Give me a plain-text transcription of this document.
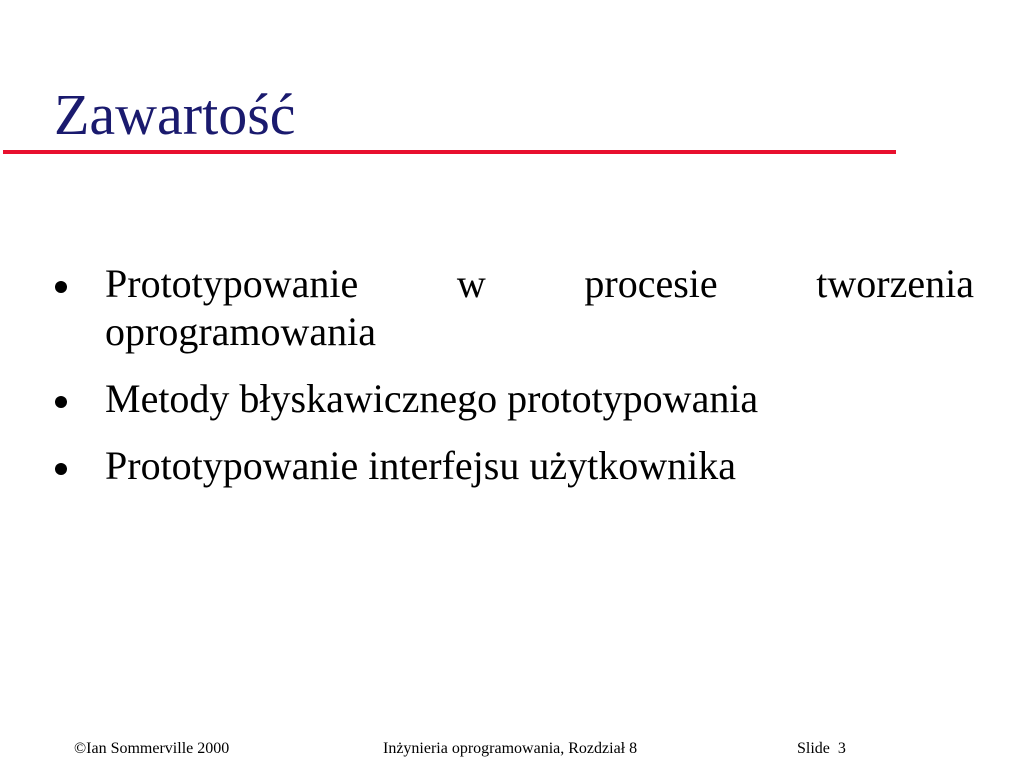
Zawartość

Prototypowanie w procesie tworzenia oprogramowania

Metody błyskawicznego prototypowania

Prototypowanie interfejsu użytkownika

©Ian Sommerville 2000	Inżynieria oprogramowania, Rozdział 8	Slide  3
